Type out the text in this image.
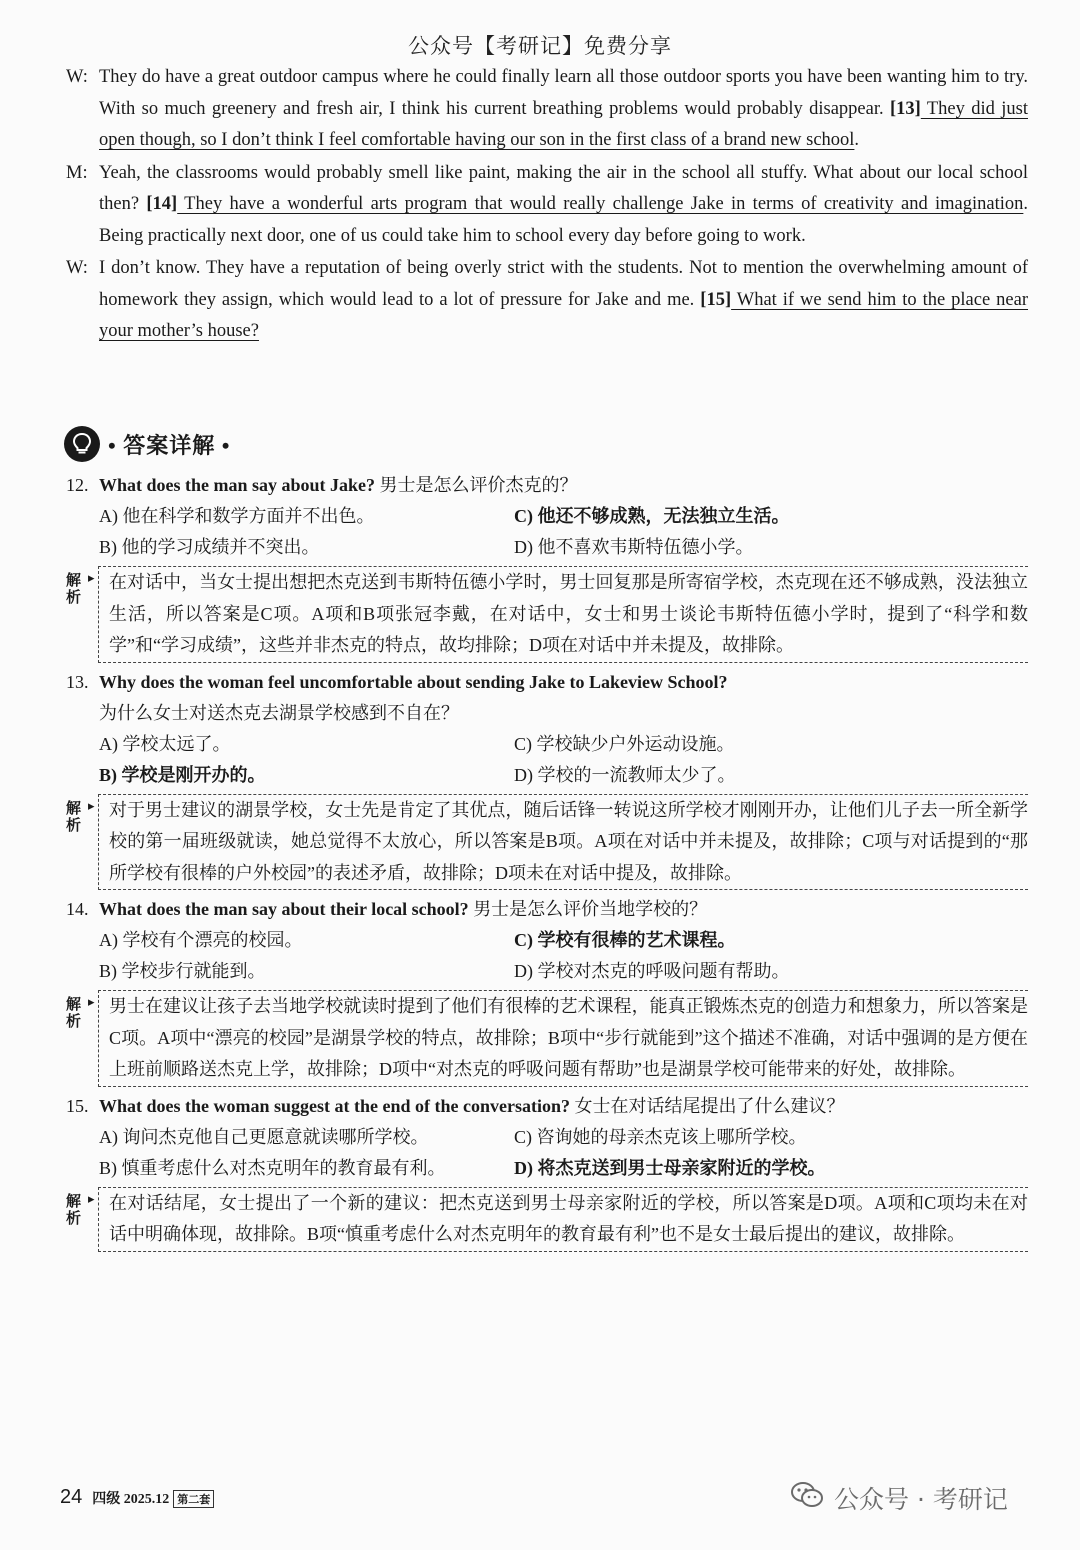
公众号【考研记】免费分享

W: They do have a great outdoor campus where he could finally learn all those outdoor sports you have been wanting him to try. With so much greenery and fresh air, I think his current breathing problems would probably disappear. [13] They did just open though, so I don’t think I feel comfortable having our son in the first class of a brand new school.

M: Yeah, the classrooms would probably smell like paint, making the air in the school all stuffy. What about our local school then? [14] They have a wonderful arts program that would really challenge Jake in terms of creativity and imagination. Being practically next door, one of us could take him to school every day before going to work.

W: I don’t know. They have a reputation of being overly strict with the students. Not to mention the overwhelming amount of homework they assign, which would lead to a lot of pressure for Jake and me. [15] What if we send him to the place near your mother’s house?

• 答案详解 •
12. What does the man say about Jake? 男士是怎么评价杰克的？
A) 他在科学和数学方面并不出色。	C) 他还不够成熟，无法独立生活。
B) 他的学习成绩并不突出。	D) 他不喜欢韦斯特伍德小学。
解
析
▸ 在对话中，当女士提出想把杰克送到韦斯特伍德小学时，男士回复那是所寄宿学校，杰克现在还不够成熟，没法独立生活，所以答案是C项。A项和B项张冠李戴，在对话中，女士和男士谈论韦斯特伍德小学时，提到了“科学和数学”和“学习成绩”，这些并非杰克的特点，故均排除；D项在对话中并未提及，故排除。
13. Why does the woman feel uncomfortable about sending Jake to Lakeview School?
为什么女士对送杰克去湖景学校感到不自在？
A) 学校太远了。	C) 学校缺少户外运动设施。
B) 学校是刚开办的。	D) 学校的一流教师太少了。
解
析
▸ 对于男士建议的湖景学校，女士先是肯定了其优点，随后话锋一转说这所学校才刚刚开办，让他们儿子去一所全新学校的第一届班级就读，她总觉得不太放心，所以答案是B项。A项在对话中并未提及，故排除；C项与对话提到的“那所学校有很棒的户外校园”的表述矛盾，故排除；D项未在对话中提及，故排除。
14. What does the man say about their local school? 男士是怎么评价当地学校的？
A) 学校有个漂亮的校园。	C) 学校有很棒的艺术课程。
B) 学校步行就能到。	D) 学校对杰克的呼吸问题有帮助。
解
析
▸ 男士在建议让孩子去当地学校就读时提到了他们有很棒的艺术课程，能真正锻炼杰克的创造力和想象力，所以答案是C项。A项中“漂亮的校园”是湖景学校的特点，故排除；B项中“步行就能到”这个描述不准确，对话中强调的是方便在上班前顺路送杰克上学，故排除；D项中“对杰克的呼吸问题有帮助”也是湖景学校可能带来的好处，故排除。
15. What does the woman suggest at the end of the conversation? 女士在对话结尾提出了什么建议？
A) 询问杰克他自己更愿意就读哪所学校。	C) 咨询她的母亲杰克该上哪所学校。
B) 慎重考虑什么对杰克明年的教育最有利。	D) 将杰克送到男士母亲家附近的学校。
解
析
▸ 在对话结尾，女士提出了一个新的建议：把杰克送到男士母亲家附近的学校，所以答案是D项。A项和C项均未在对话中明确体现，故排除。B项“慎重考虑什么对杰克明年的教育最有利”也不是女士最后提出的建议，故排除。
24 四级 2025.12 第二套	公众号 · 考研记
